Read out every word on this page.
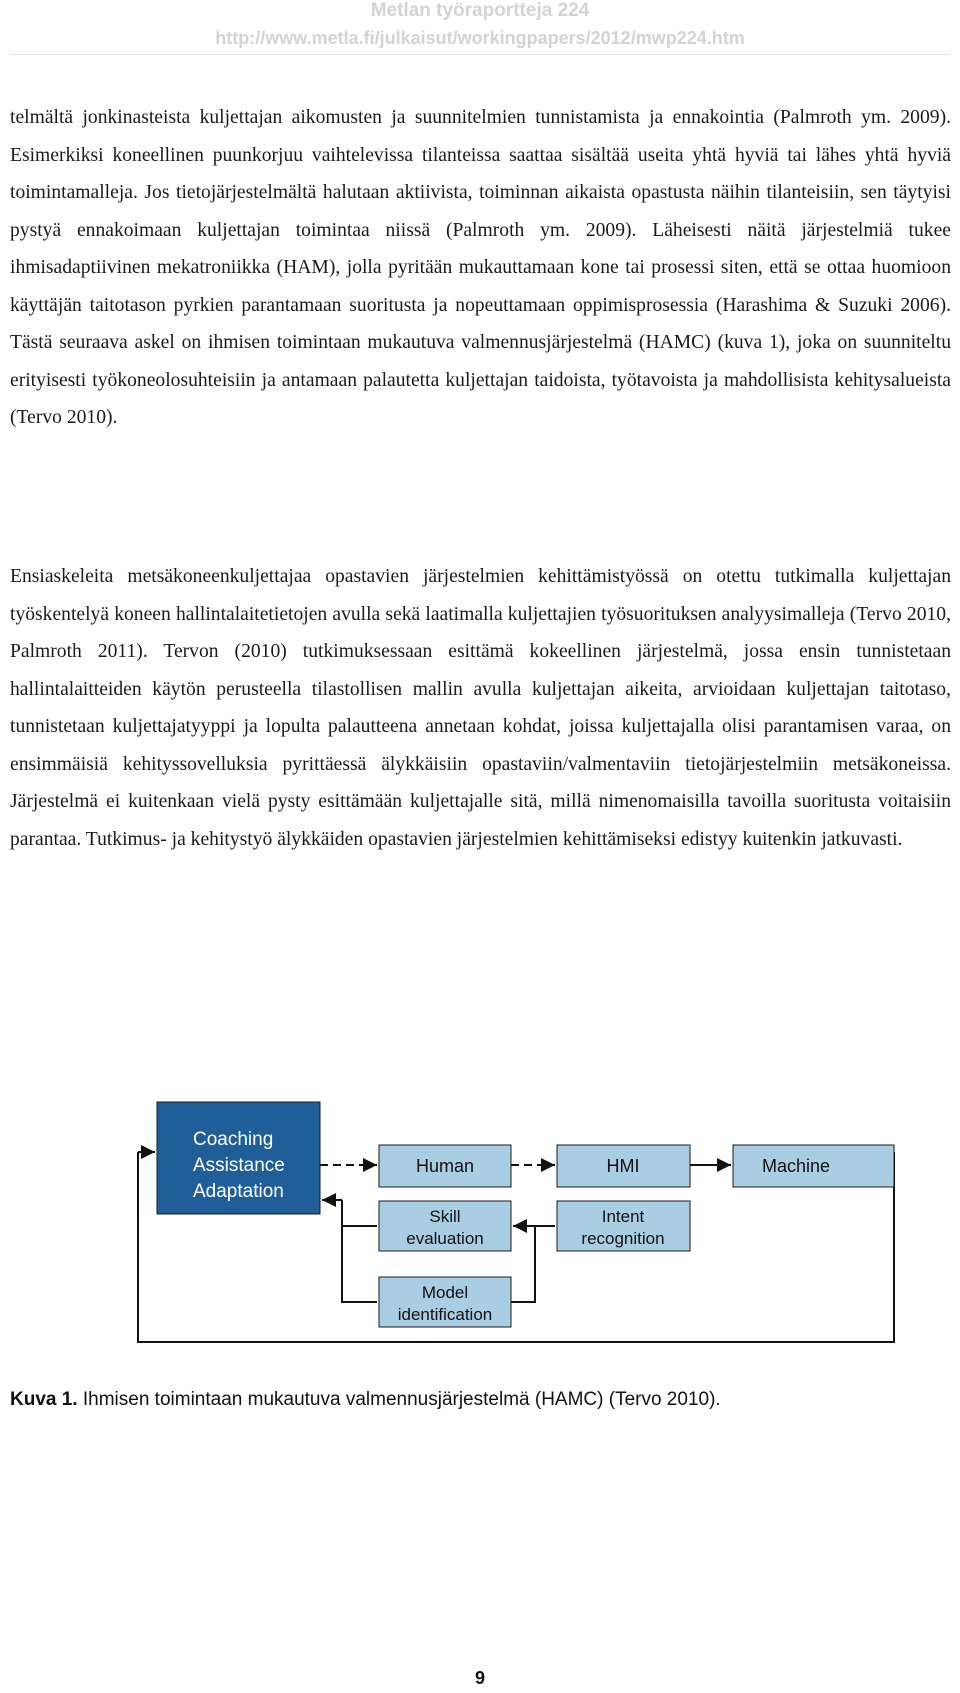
Metlan työraportteja 224
http://www.metla.fi/julkaisut/workingpapers/2012/mwp224.htm

telmältä jonkinasteista kuljettajan aikomusten ja suunnitelmien tunnistamista ja ennakointia (Palmroth ym. 2009). Esimerkiksi koneellinen puunkorjuu vaihtelevissa tilanteissa saattaa sisältää useita yhtä hyviä tai lähes yhtä hyviä toimintamalleja. Jos tietojärjestelmältä halutaan aktiivista, toiminnan aikaista opastusta näihin tilanteisiin, sen täytyisi pystyä ennakoimaan kuljettajan toimintaa niissä (Palmroth ym. 2009). Läheisesti näitä järjestelmiä tukee ihmisadaptiivinen mekatroniikka (HAM), jolla pyritään mukauttamaan kone tai prosessi siten, että se ottaa huomioon käyttäjän taitotason pyrkien parantamaan suoritusta ja nopeuttamaan oppimisprosessia (Harashima & Suzuki 2006). Tästä seuraava askel on ihmisen toimintaan mukautuva valmennusjärjestelmä (HAMC) (kuva 1), joka on suunniteltu erityisesti työkoneolosuhteisiin ja antamaan palautetta kuljettajan taidoista, työtavoista ja mahdollisista kehitysalueista (Tervo 2010).

Ensiaskeleita metsäkoneenkuljettajaa opastavien järjestelmien kehittämistyössä on otettu tutkimalla kuljettajan työskentelyä koneen hallintalaitetietojen avulla sekä laatimalla kuljettajien työsuorituksen analyysimalleja (Tervo 2010, Palmroth 2011). Tervon (2010) tutkimuksessaan esittämä kokeellinen järjestelmä, jossa ensin tunnistetaan hallintalaitteiden käytön perusteella tilastollisen mallin avulla kuljettajan aikeita, arvioidaan kuljettajan taitotaso, tunnistetaan kuljettajatyyppi ja lopulta palautteena annetaan kohdat, joissa kuljettajalla olisi parantamisen varaa, on ensimmäisiä kehityssovelluksia pyrittäessä älykkäisiin opastaviin/valmentaviin tietojärjestelmiin metsäkoneissa. Järjestelmä ei kuitenkaan vielä pysty esittämään kuljettajalle sitä, millä nimenomaisilla tavoilla suoritusta voitaisiin parantaa. Tutkimus- ja kehitystyö älykkäiden opastavien järjestelmien kehittämiseksi edistyy kuitenkin jatkuvasti.

Coaching
Assistance
Adaptation
Human	HMI	Machine
Skill
evaluation
Intent
recognition
Model
identification

Kuva 1. Ihmisen toimintaan mukautuva valmennusjärjestelmä (HAMC) (Tervo 2010).

9
